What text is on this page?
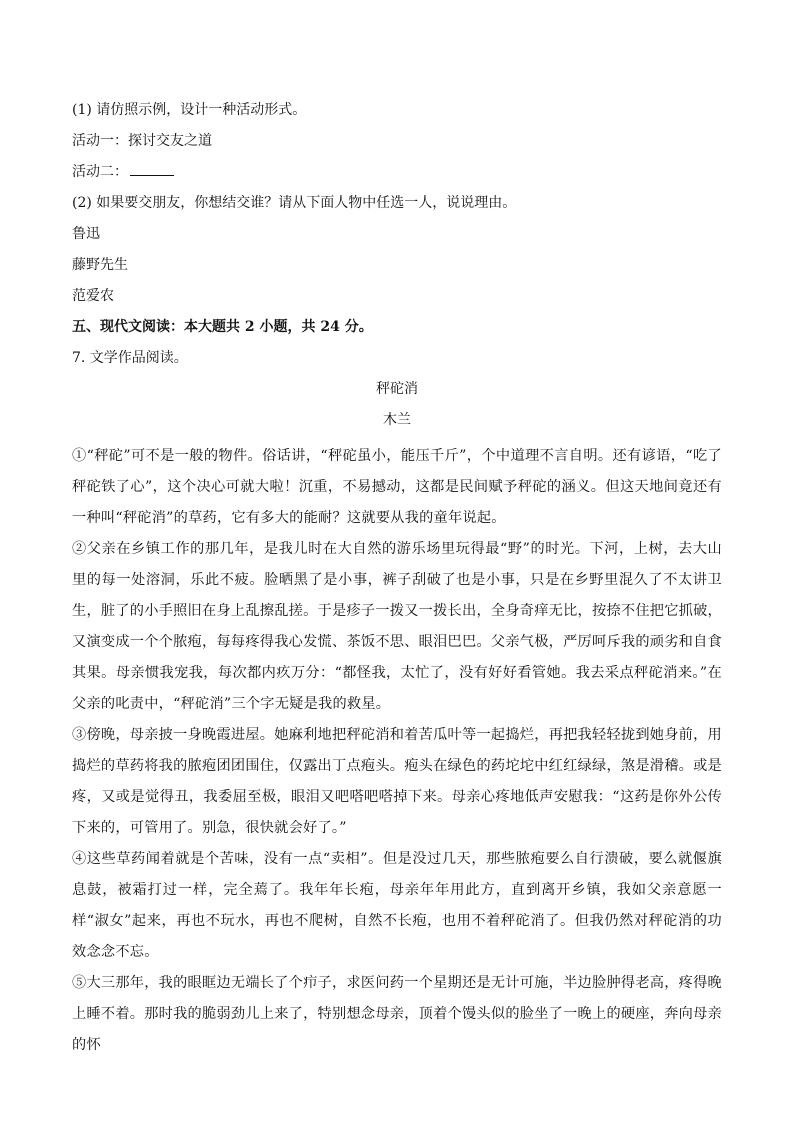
(1) 请仿照示例，设计一种活动形式。
活动一：探讨交友之道
活动二：
(2) 如果要交朋友，你想结交谁？请从下面人物中任选一人，说说理由。
鲁迅
藤野先生
范爱农
五、现代文阅读：本大题共 2 小题，共 24 分。
7. 文学作品阅读。
秤砣消
木兰

①“秤砣”可不是一般的物件。俗话讲，“秤砣虽小，能压千斤”，个中道理不言自明。还有谚语，“吃了秤砣铁了心”，这个决心可就大啦！沉重，不易撼动，这都是民间赋予秤砣的涵义。但这天地间竟还有一种叫“秤砣消”的草药，它有多大的能耐？这就要从我的童年说起。

②父亲在乡镇工作的那几年，是我儿时在大自然的游乐场里玩得最“野”的时光。下河，上树，去大山里的每一处溶洞，乐此不疲。脸晒黑了是小事，裤子刮破了也是小事，只是在乡野里混久了不太讲卫生，脏了的小手照旧在身上乱擦乱搓。于是疹子一拨又一拨长出，全身奇痒无比，按捺不住把它抓破，又演变成一个个脓疱，每每疼得我心发慌、茶饭不思、眼泪巴巴。父亲气极，严厉呵斥我的顽劣和自食其果。母亲惯我宠我，每次都内疚万分：“都怪我，太忙了，没有好好看管她。我去采点秤砣消来。”在父亲的叱责中，“秤砣消”三个字无疑是我的救星。

③傍晚，母亲披一身晚霞进屋。她麻利地把秤砣消和着苦瓜叶等一起捣烂，再把我轻轻拢到她身前，用捣烂的草药将我的脓疱团团围住，仅露出丁点疱头。疱头在绿色的药坨坨中红红绿绿，煞是滑稽。或是疼，又或是觉得丑，我委屈至极，眼泪又吧嗒吧嗒掉下来。母亲心疼地低声安慰我：“这药是你外公传下来的，可管用了。别急，很快就会好了。”

④这些草药闻着就是个苦味，没有一点“卖相”。但是没过几天，那些脓疱要么自行溃破，要么就偃旗息鼓，被霜打过一样，完全蔫了。我年年长疱，母亲年年用此方，直到离开乡镇，我如父亲意愿一样“淑女”起来，再也不玩水，再也不爬树，自然不长疱，也用不着秤砣消了。但我仍然对秤砣消的功效念念不忘。

⑤大三那年，我的眼眶边无端长了个疖子，求医问药一个星期还是无计可施，半边脸肿得老高，疼得晚上睡不着。那时我的脆弱劲儿上来了，特别想念母亲，顶着个馒头似的脸坐了一晚上的硬座，奔向母亲的怀
